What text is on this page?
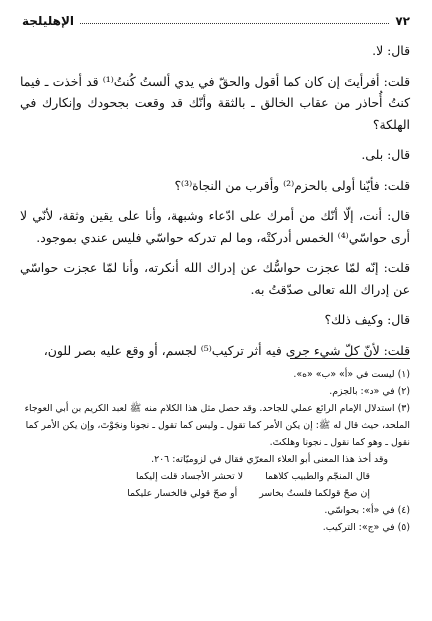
٧٢
الإهليلجة

قال: لا.

قلت: أفرأيتَ إن كان كما أقول والحقّ في يدي ألستُ كُنتُ⁽¹⁾ قد أخذت ـ فيما كنتُ أُحاذر من عقاب الخالق ـ بالثقة وأنّك قد وقعت بجحودك وإنكارك في الهلكة؟

قال: بلى.

قلت: فأيّنا أولى بالحزم⁽²⁾ وأقرب من النجاة⁽³⁾؟

قال: أنت، إلّا أنّك من أمرك على ادّعاء وشبهة، وأنا على يقين وثقة، لأنّي لا أرى حواسّي⁽⁴⁾ الخمس أدركتْه، وما لم تدركه حواسّي فليس عندي بموجود.

قلت: إنّه لمّا عجزت حواسُّك عن إدراك الله أنكرته، وأنا لمّا عجزت حواسّي عن إدراك الله تعالى صدّقتُ به.

قال: وكيف ذلك؟

قلت: لأنّ كلّ شيء جرى فيه أثر تركيب⁽⁵⁾ لجسم، أو وقع عليه بصر للون،

(١) ليست في «أ» «ب» «ه».

(٢) في «د»: بالجزم.

(٣) استدلال الإمام الرائع عملي للجاحد. وقد حصل مثل هذا الكلام منه ﷺ لعبد الكريم بن أبي العوجاء الملحد، حيث قال له ﷺ: إن يكن الأمر كما تقول ـ وليس كما تقول ـ نجونا ونجَوْتَ، وإن يكن الأمر كما نقول ـ وهو كما نقول ـ نجونا وهلكتَ.

وقد أخذ هذا المعنى أبو العلاء المعرّي فقال في لزوميّاته: ٢٠٦.

قال المنجّم والطبيب كلاهما
لا تحشر الأجساد قلت إليكما
إن صحّ قولكما فلستُ بخاسر
أو صحّ قولي فالخسار عليكما

(٤) في «أ»: بحواسّي.

(٥) في «ج»: التركيب.
